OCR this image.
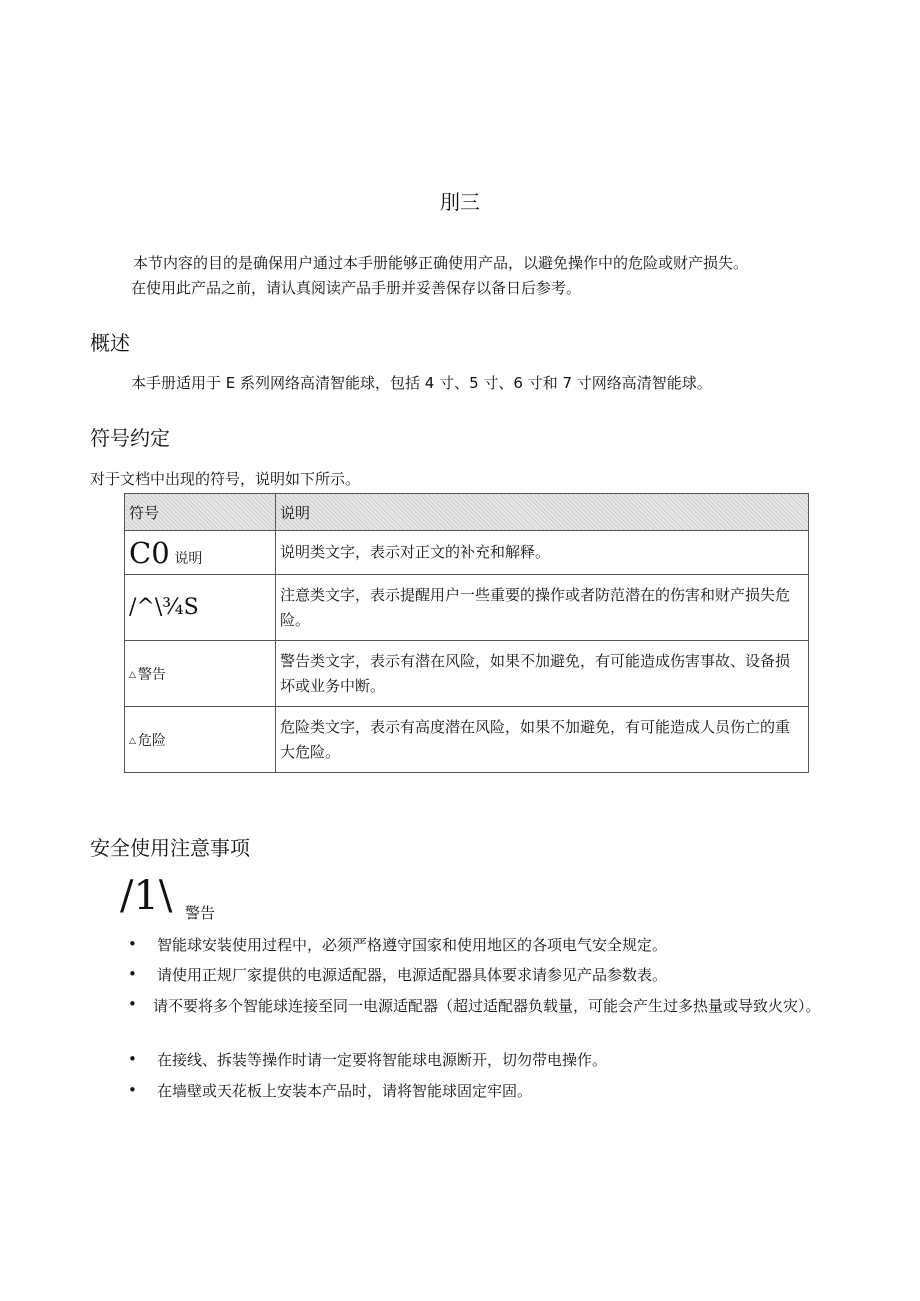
刖三
本节内容的目的是确保用户通过本手册能够正确使用产品，以避免操作中的危险或财产损失。
在使用此产品之前，请认真阅读产品手册并妥善保存以备日后参考。
概述
本手册适用于 E 系列网络高清智能球，包括 4 寸、5 寸、6 寸和 7 寸网络高清智能球。
符号约定
对于文档中出现的符号，说明如下所示。
符号	说明
C0 说明	说明类文字，表示对正文的补充和解释。
/^\¾S	注意类文字，表示提醒用户一些重要的操作或者防范潜在的伤害和财产损失危险。
△ 警告	警告类文字，表示有潜在风险，如果不加避免，有可能造成伤害事故、设备损坏或业务中断。
△ 危险	危险类文字，表示有高度潜在风险，如果不加避免，有可能造成人员伤亡的重大危险。
安全使用注意事项
/1\ 警告
• 智能球安装使用过程中，必须严格遵守国家和使用地区的各项电气安全规定。
• 请使用正规厂家提供的电源适配器，电源适配器具体要求请参见产品参数表。
• 请不要将多个智能球连接至同一电源适配器（超过适配器负载量，可能会产生过多热量或导致火灾）。
• 在接线、拆装等操作时请一定要将智能球电源断开，切勿带电操作。
• 在墙壁或天花板上安装本产品时，请将智能球固定牢固。
